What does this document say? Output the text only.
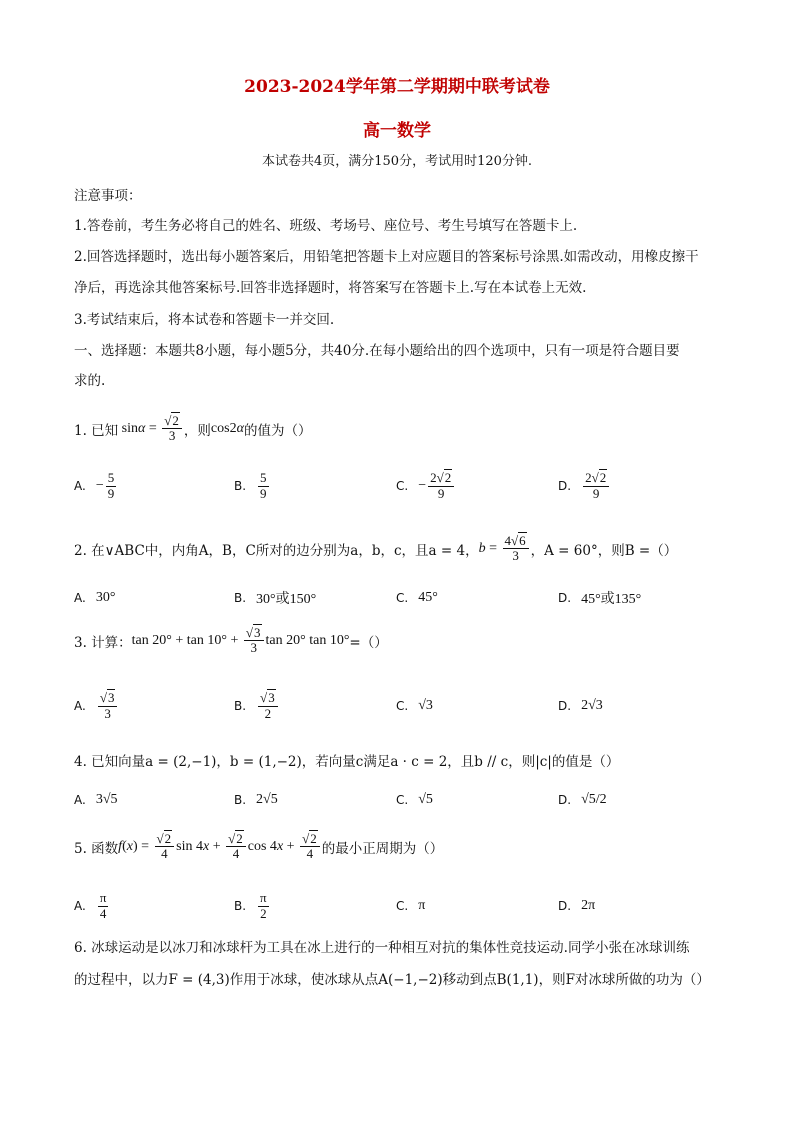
2023-2024学年第二学期期中联考试卷
高一数学
本试卷共4页，满分150分，考试用时120分钟.
注意事项：
1.答卷前，考生务必将自己的姓名、班级、考场号、座位号、考生号填写在答题卡上.
2.回答选择题时，选出每小题答案后，用铅笔把答题卡上对应题目的答案标号涂黑.如需改动，用橡皮擦干
净后，再选涂其他答案标号.回答非选择题时，将答案写在答题卡上.写在本试卷上无效.
3.考试结束后，将本试卷和答题卡一并交回.
一、选择题：本题共8小题，每小题5分，共40分.在每小题给出的四个选项中，只有一项是符合题目要
求的.
1. 已知 $\sin\alpha = \frac{√2}{3}$ ，则 cos2α 的值为（）
A. − $\frac{5}{9}$	B. $\frac{5}{9}$	C. − $\frac{2√2}{9}$	D. $\frac{2√2}{9}$
2. 在∨ABC中，内角A，B，C所对的边分别为a，b，c，且a = 4， $b = \frac{4√6}{3}$ ，A = 60°，则B =（）
A. 30°	B. 30°或150°	C. 45°	D. 45°或135°
3. 计算： $\tan 20^\circ + \tan 10^\circ + \frac{√3}{3}$ tan 20° tan 10° =（）
A. $\frac{√3}{3}$	B. $\frac{√3}{2}$	C. √3	D. 2√3
4. 已知向量a = (2,−1)，b = (1,−2)，若向量c满足a · c = 2，且b // c，则|c|的值是（）
A. 3√5	B. 2√5	C. √5	D. √5/2
5. 函数 $f(x) = \frac{√2}{4}$ $\sin 4x + \frac{√2}{4}$ $\cos 4x + \frac{√2}{4}$ 的最小正周期为（）
A. $\frac{\pi}{4}$	B. $\frac{\pi}{2}$	C. π	D. 2π
6. 冰球运动是以冰刀和冰球杆为工具在冰上进行的一种相互对抗的集体性竞技运动.同学小张在冰球训练
的过程中，以力F = (4,3)作用于冰球，使冰球从点A(−1,−2)移动到点B(1,1)，则F对冰球所做的功为（）
